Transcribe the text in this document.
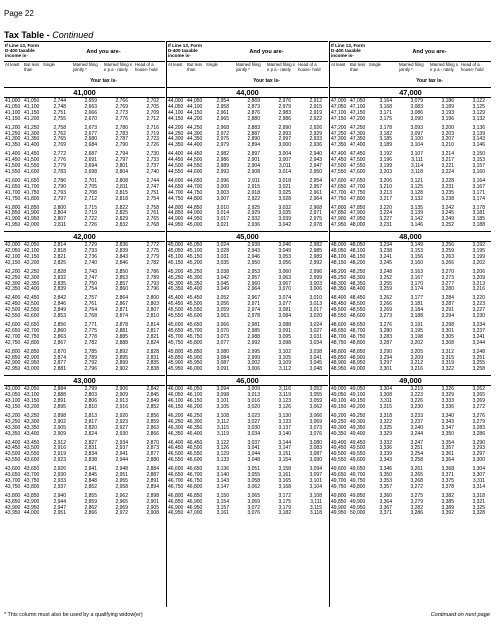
Page 22
Tax Table - Continued
If Line 13, Form D-400 taxable income is-
And you are-
At least	But less than
Single	Married filing jointly *
Married filing s e p a - rately
Head of a house- hold
Your tax is-
41,000
41,000 41,050	2,744	2,659	2,766	2,702
41,050 41,100	2,748	2,663	2,769	2,705
41,100 41,150	2,751	2,666	2,773	2,709
41,150 41,200	2,755	2,670	2,776	2,712
41,200 41,250	2,758	2,673	2,780	2,716
41,250 41,300	2,762	2,677	2,783	2,719
41,300 41,350	2,765	2,680	2,787	2,723
41,350 41,400	2,769	2,684	2,790	2,726
41,400 41,450	2,772	2,687	2,794	2,730
41,450 41,500	2,776	2,691	2,797	2,733
41,500 41,550	2,779	2,694	2,801	2,737
41,550 41,600	2,783	2,698	2,804	2,740
41,600 41,650	2,786	2,701	2,808	2,744
41,650 41,700	2,790	2,705	2,811	2,747
41,700 41,750	2,793	2,708	2,815	2,751
41,750 41,800	2,797	2,712	2,818	2,754
41,800 41,850	2,800	2,715	2,822	2,758
41,850 41,900	2,804	2,719	2,825	2,761
41,900 41,950	2,807	2,722	2,829	2,765
41,950 42,000	2,811	2,726	2,832	2,768
42,000
42,000 42,050	2,814	2,729	2,836	2,772
42,050 42,100	2,818	2,733	2,839	2,775
42,100 42,150	2,821	2,736	2,843	2,779
42,150 42,200	2,825	2,740	2,846	2,782
42,200 42,250	2,828	2,743	2,850	2,786
42,250 42,300	2,832	2,747	2,853	2,789
42,300 42,350	2,835	2,750	2,857	2,793
42,350 42,400	2,839	2,754	2,860	2,796
42,400 42,450	2,842	2,757	2,864	2,800
42,450 42,500	2,846	2,761	2,867	2,803
42,500 42,550	2,849	2,764	2,871	2,807
42,550 42,600	2,853	2,768	2,874	2,810
42,600 42,650	2,856	2,771	2,878	2,814
42,650 42,700	2,860	2,775	2,881	2,817
42,700 42,750	2,863	2,778	2,885	2,821
42,750 42,800	2,867	2,782	2,888	2,824
42,800 42,850	2,870	2,785	2,892	2,828
42,850 42,900	2,874	2,789	2,895	2,831
42,900 42,950	2,877	2,792	2,899	2,835
42,950 43,000	2,881	2,796	2,902	2,838
43,000
43,000 43,050	2,884	2,799	2,906	2,842
43,050 43,100	2,888	2,803	2,909	2,845
43,100 43,150	2,891	2,806	2,913	2,849
43,150 43,200	2,895	2,810	2,916	2,852
43,200 43,250	2,898	2,813	2,920	2,856
43,250 43,300	2,902	2,817	2,923	2,859
43,300 43,350	2,905	2,820	2,927	2,863
43,350 43,400	2,909	2,824	2,930	2,866
43,400 43,450	2,912	2,827	2,934	2,870
43,450 43,500	2,916	2,831	2,937	2,873
43,500 43,550	2,919	2,834	2,941	2,877
43,550 43,600	2,923	2,838	2,944	2,880
43,600 43,650	2,926	2,841	2,948	2,884
43,650 43,700	2,930	2,845	2,951	2,887
43,700 43,750	2,933	2,848	2,955	2,891
43,750 43,800	2,937	2,852	2,958	2,894
43,800 43,850	2,940	2,855	2,962	2,898
43,850 43,900	2,944	2,859	2,965	2,901
43,900 43,950	2,947	2,862	2,969	2,905
43,950 44,000	2,951	2,866	2,972	2,908
If Line 13, Form D-400 taxable income is-
And you are-
At least	But less than
Single	Married filing jointly *
Married filing s e p a - rately
Head of a house- hold
Your tax is-
44,000
44,000 44,050	2,954	2,869	2,976	2,912
44,050 44,100	2,958	2,873	2,979	2,915
44,100 44,150	2,961	2,876	2,983	2,919
44,150 44,200	2,965	2,880	2,986	2,922
44,200 44,250	2,968	2,883	2,990	2,926
44,250 44,300	2,972	2,887	2,993	2,929
44,300 44,350	2,975	2,890	2,997	2,933
44,350 44,400	2,979	2,894	3,000	2,936
44,400 44,450	2,982	2,897	3,004	2,940
44,450 44,500	2,986	2,901	3,007	2,943
44,500 44,550	2,989	2,904	3,011	2,947
44,550 44,600	2,993	2,908	3,014	2,950
44,600 44,650	2,996	2,911	3,018	2,954
44,650 44,700	3,000	2,915	3,021	2,957
44,700 44,750	3,003	2,918	3,025	2,961
44,750 44,800	3,007	2,922	3,028	2,964
44,800 44,850	3,010	2,925	3,032	2,968
44,850 44,900	3,014	2,929	3,035	2,971
44,900 44,950	3,017	2,932	3,039	2,975
44,950 45,000	3,021	2,936	3,042	2,978
45,000
45,000 45,050	3,024	2,939	3,046	2,982
45,050 45,100	3,028	2,943	3,049	2,985
45,100 45,150	3,031	2,946	3,053	2,989
45,150 45,200	3,035	2,950	3,056	2,992
45,200 45,250	3,038	2,953	3,060	2,996
45,250 45,300	3,042	2,957	3,063	2,999
45,300 45,350	3,045	2,960	3,067	3,003
45,350 45,400	3,049	2,964	3,070	3,006
45,400 45,450	3,052	2,967	3,074	3,010
45,450 45,500	3,056	2,971	3,077	3,013
45,500 45,550	3,059	2,974	3,081	3,017
45,550 45,600	3,063	2,978	3,084	3,020
45,600 45,650	3,066	2,981	3,088	3,024
45,650 45,700	3,070	2,985	3,091	3,027
45,700 45,750	3,073	2,988	3,095	3,031
45,750 45,800	3,077	2,992	3,098	3,034
45,800 45,850	3,080	2,995	3,102	3,038
45,850 45,900	3,084	2,999	3,105	3,041
45,900 45,950	3,087	3,002	3,109	3,045
45,950 46,000	3,091	3,006	3,112	3,048
46,000
46,000 46,050	3,094	3,009	3,116	3,052
46,050 46,100	3,098	3,013	3,119	3,055
46,100 46,150	3,101	3,016	3,123	3,059
46,150 46,200	3,105	3,020	3,126	3,062
46,200 46,250	3,108	3,023	3,130	3,066
46,250 46,300	3,112	3,027	3,133	3,069
46,300 46,350	3,115	3,030	3,137	3,073
46,350 46,400	3,119	3,034	3,140	3,076
46,400 46,450	3,122	3,037	3,144	3,080
46,450 46,500	3,126	3,041	3,147	3,083
46,500 46,550	3,129	3,044	3,151	3,087
46,550 46,600	3,133	3,048	3,154	3,090
46,600 46,650	3,136	3,051	3,158	3,094
46,650 46,700	3,140	3,055	3,161	3,097
46,700 46,750	3,143	3,058	3,165	3,101
46,750 46,800	3,147	3,062	3,168	3,104
46,800 46,850	3,150	3,065	3,172	3,108
46,850 46,900	3,154	3,069	3,175	3,111
46,900 46,950	3,157	3,072	3,179	3,115
46,950 47,000	3,161	3,076	3,182	3,118
If Line 13, Form D-400 taxable income is-
And you are-
At least	But less than
Single	Married filing jointly *
Married filing s e p a - rately
Head of a house- hold
Your tax is-
47,000
47,000 47,050	3,164	3,079	3,186	3,122
47,050 47,100	3,168	3,083	3,189	3,125
47,100 47,150	3,171	3,086	3,193	3,129
47,150 47,200	3,175	3,090	3,196	3,132
47,200 47,250	3,178	3,093	3,200	3,136
47,250 47,300	3,182	3,097	3,203	3,139
47,300 47,350	3,185	3,100	3,207	3,143
47,350 47,400	3,189	3,104	3,210	3,146
47,400 47,450	3,192	3,107	3,214	3,150
47,450 47,500	3,196	3,111	3,217	3,153
47,500 47,550	3,199	3,114	3,221	3,157
47,550 47,600	3,203	3,118	3,224	3,160
47,600 47,650	3,206	3,121	3,228	3,164
47,650 47,700	3,210	3,125	3,231	3,167
47,700 47,750	3,213	3,128	3,235	3,171
47,750 47,800	3,217	3,132	3,238	3,174
47,800 47,850	3,220	3,135	3,242	3,178
47,850 47,900	3,224	3,139	3,245	3,181
47,900 47,950	3,227	3,142	3,249	3,185
47,950 48,000	3,231	3,146	3,252	3,188
48,000
48,000 48,050	3,234	3,149	3,256	3,192
48,050 48,100	3,238	3,153	3,259	3,195
48,100 48,150	3,241	3,156	3,263	3,199
48,150 48,200	3,245	3,160	3,266	3,202
48,200 48,250	3,248	3,163	3,270	3,206
48,250 48,300	3,252	3,167	3,273	3,209
48,300 48,350	3,255	3,170	3,277	3,213
48,350 48,400	3,259	3,174	3,280	3,216
48,400 48,450	3,262	3,177	3,284	3,220
48,450 48,500	3,266	3,181	3,287	3,223
48,500 48,550	3,269	3,184	3,291	3,227
48,550 48,600	3,273	3,188	3,294	3,230
48,600 48,650	3,276	3,191	3,298	3,234
48,650 48,700	3,280	3,195	3,301	3,237
48,700 48,750	3,283	3,198	3,305	3,241
48,750 48,800	3,287	3,202	3,308	3,244
48,800 48,850	3,290	3,205	3,312	3,248
48,850 48,900	3,294	3,209	3,315	3,251
48,900 48,950	3,297	3,212	3,319	3,255
48,950 49,000	3,301	3,216	3,322	3,258
49,000
49,000 49,050	3,304	3,219	3,326	3,262
49,050 49,100	3,308	3,223	3,329	3,265
49,100 49,150	3,311	3,226	3,333	3,269
49,150 49,200	3,315	3,230	3,336	3,272
49,200 49,250	3,318	3,233	3,340	3,276
49,250 49,300	3,322	3,237	3,343	3,279
49,300 49,350	3,325	3,240	3,347	3,283
49,350 49,400	3,329	3,244	3,350	3,286
49,400 49,450	3,332	3,247	3,354	3,290
49,450 49,500	3,336	3,251	3,357	3,293
49,500 49,550	3,339	3,254	3,361	3,297
49,550 49,600	3,343	3,258	3,364	3,300
49,600 49,650	3,346	3,261	3,368	3,304
49,650 49,700	3,350	3,265	3,371	3,307
49,700 49,750	3,353	3,268	3,375	3,311
49,750 49,800	3,357	3,272	3,378	3,314
49,800 49,850	3,360	3,275	3,382	3,318
49,850 49,900	3,364	3,279	3,385	3,321
49,900 49,950	3,367	3,282	3,389	3,325
49,950 50,000	3,371	3,286	3,392	3,328
* This column must also be used by a qualifying widow(er)	Continued on next page
